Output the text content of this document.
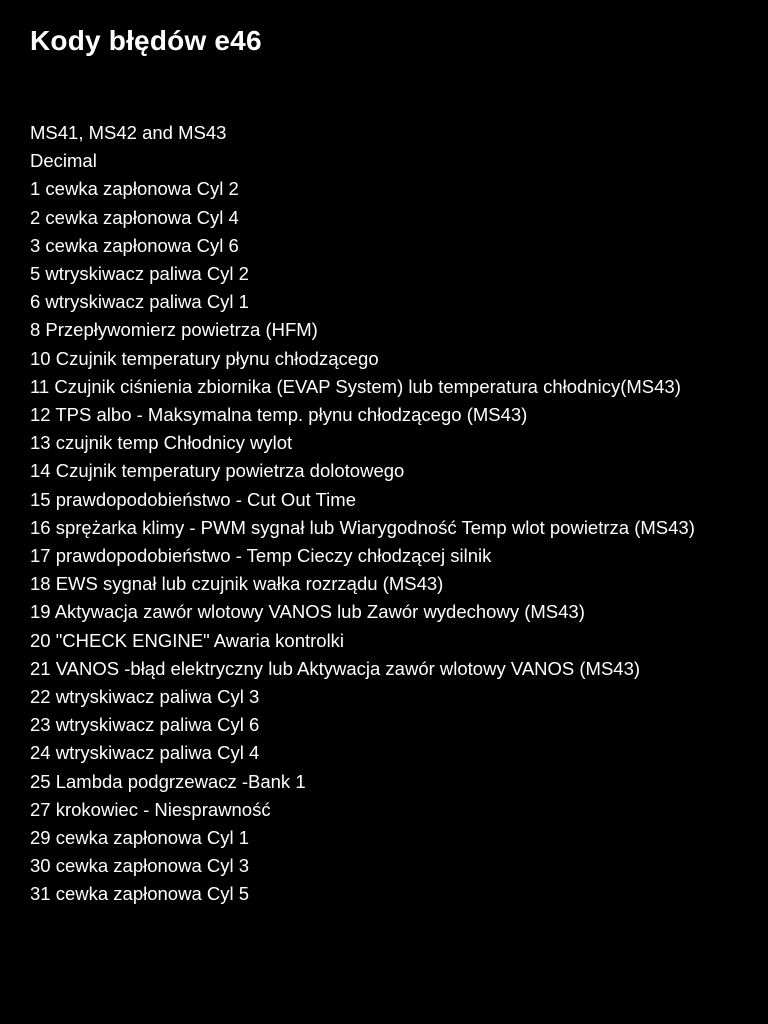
Kody błędów e46
MS41, MS42 and MS43
Decimal
1 cewka zapłonowa Cyl 2
2 cewka zapłonowa Cyl 4
3 cewka zapłonowa Cyl 6
5 wtryskiwacz paliwa Cyl 2
6 wtryskiwacz paliwa Cyl 1
8 Przepływomierz powietrza (HFM)
10 Czujnik temperatury płynu chłodzącego
11 Czujnik ciśnienia zbiornika (EVAP System) lub temperatura chłodnicy(MS43)
12 TPS albo - Maksymalna temp. płynu chłodzącego (MS43)
13 czujnik temp Chłodnicy wylot
14 Czujnik temperatury powietrza dolotowego
15 prawdopodobieństwo - Cut Out Time
16 sprężarka klimy - PWM sygnał lub Wiarygodność Temp wlot powietrza (MS43)
17 prawdopodobieństwo - Temp Cieczy chłodzącej silnik
18 EWS sygnał lub czujnik wałka rozrządu (MS43)
19 Aktywacja zawór wlotowy VANOS lub Zawór wydechowy (MS43)
20 "CHECK ENGINE" Awaria kontrolki
21 VANOS -błąd elektryczny lub Aktywacja zawór wlotowy VANOS (MS43)
22 wtryskiwacz paliwa Cyl 3
23 wtryskiwacz paliwa Cyl 6
24 wtryskiwacz paliwa Cyl 4
25 Lambda podgrzewacz -Bank 1
27 krokowiec - Niesprawność
29 cewka zapłonowa Cyl 1
30 cewka zapłonowa Cyl 3
31 cewka zapłonowa Cyl 5
